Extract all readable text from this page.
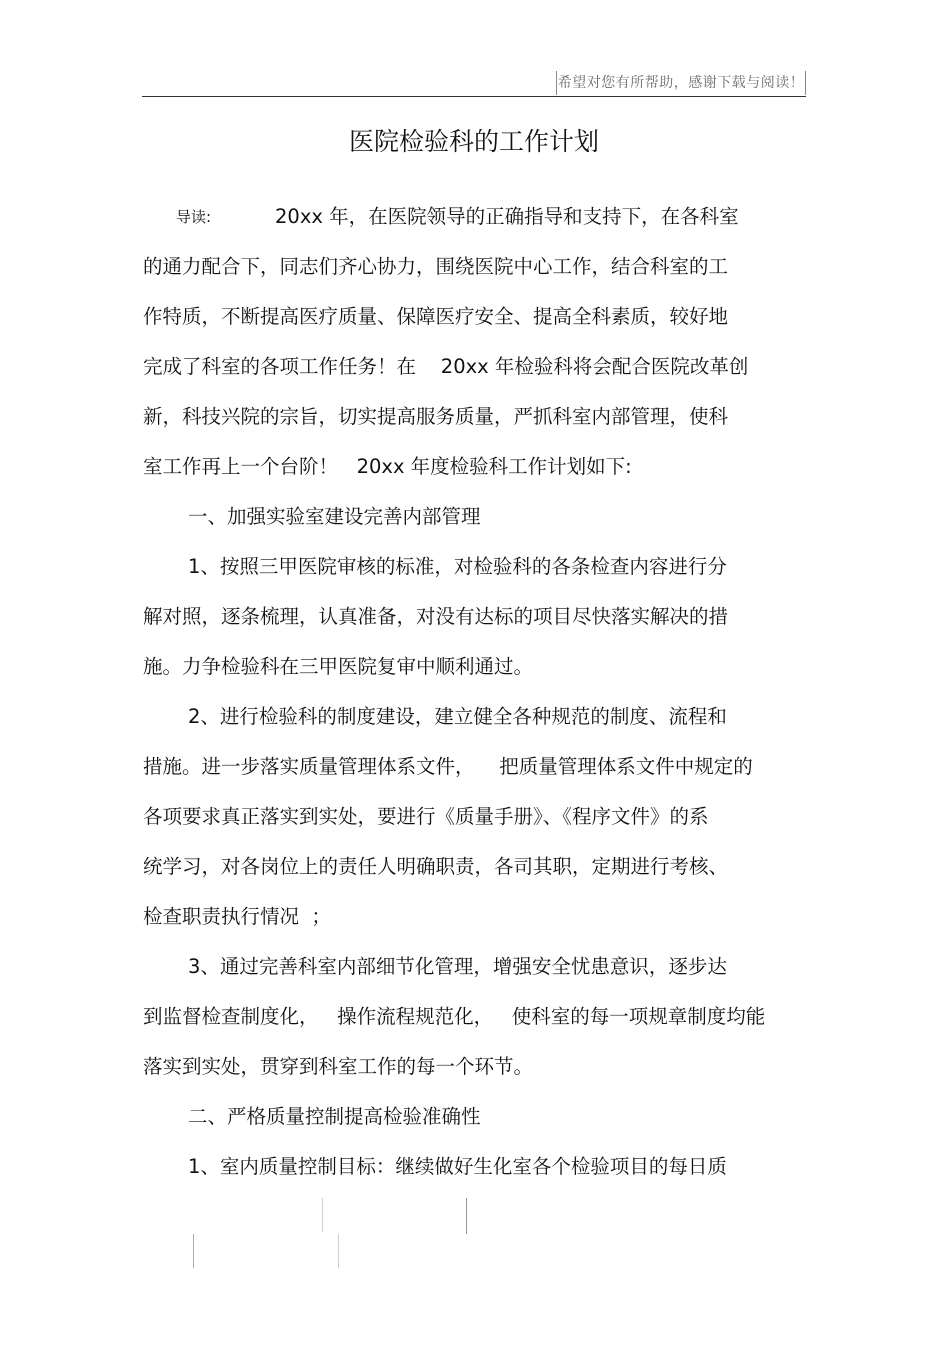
希望对您有所帮助，感谢下载与阅读！
医院检验科的工作计划
导读:	20xx 年，在医院领导的正确指导和支持下，在各科室
的通力配合下，同志们齐心协力，围绕医院中心工作，结合科室的工
作特质，不断提高医疗质量、保障医疗安全、提高全科素质，较好地
完成了科室的各项工作任务！在    20xx 年检验科将会配合医院改革创
新，科技兴院的宗旨，切实提高服务质量，严抓科室内部管理，使科
室工作再上一个台阶！   20xx 年度检验科工作计划如下:
一、加强实验室建设完善内部管理
1、按照三甲医院审核的标准，对检验科的各条检查内容进行分
解对照，逐条梳理，认真准备，对没有达标的项目尽快落实解决的措
施。力争检验科在三甲医院复审中顺利通过。
2、进行检验科的制度建设，建立健全各种规范的制度、流程和
措施。进一步落实质量管理体系文件，    把质量管理体系文件中规定的
各项要求真正落实到实处，要进行《质量手册》、《程序文件》的系
统学习，对各岗位上的责任人明确职责，各司其职，定期进行考核、
检查职责执行情况  ；
3、通过完善科室内部细节化管理，增强安全忧患意识，逐步达
到监督检查制度化，   操作流程规范化，   使科室的每一项规章制度均能
落实到实处，贯穿到科室工作的每一个环节。
二、严格质量控制提高检验准确性
1、室内质量控制目标：继续做好生化室各个检验项目的每日质
